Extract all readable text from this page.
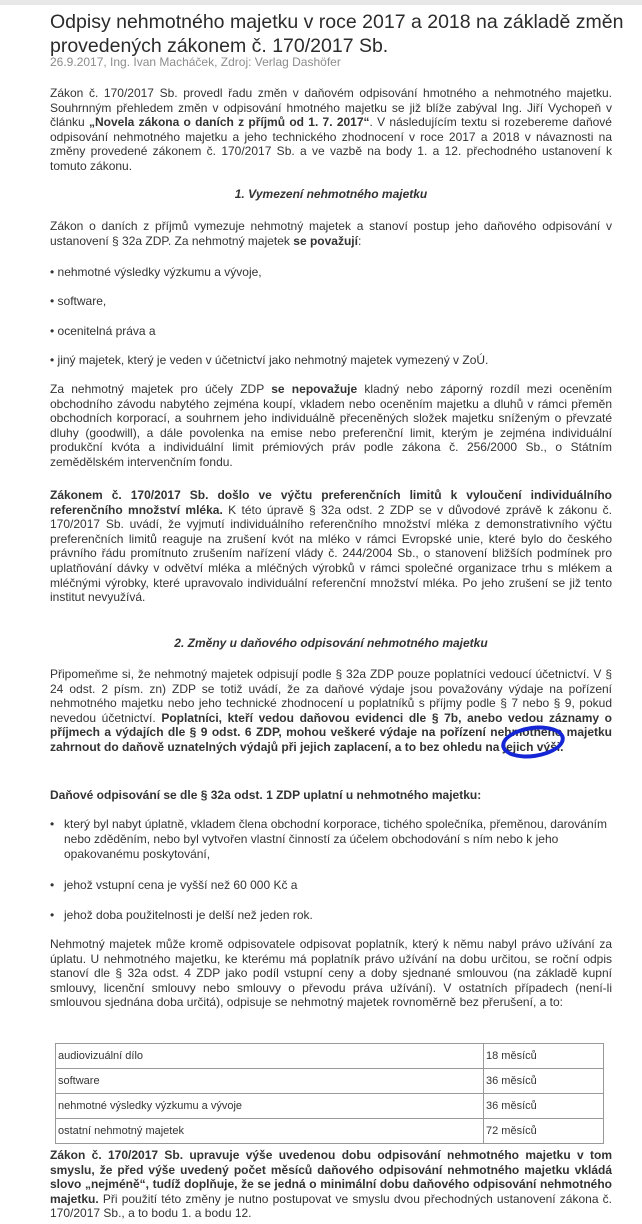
Odpisy nehmotného majetku v roce 2017 a 2018 na základě změn provedených zákonem č. 170/2017 Sb.

26.9.2017, Ing. Ivan Macháček, Zdroj: Verlag Dashöfer

Zákon č. 170/2017 Sb. provedl řadu změn v daňovém odpisování hmotného a nehmotného majetku. Souhrnným přehledem změn v odpisování hmotného majetku se již blíže zabýval Ing. Jiří Vychopeň v článku „Novela zákona o daních z příjmů od 1. 7. 2017“. V následujícím textu si rozebereme daňové odpisování nehmotného majetku a jeho technického zhodnocení v roce 2017 a 2018 v návaznosti na změny provedené zákonem č. 170/2017 Sb. a ve vazbě na body 1. a 12. přechodného ustanovení k tomuto zákonu.

1. Vymezení nehmotného majetku

Zákon o daních z příjmů vymezuje nehmotný majetek a stanoví postup jeho daňového odpisování v ustanovení § 32a ZDP. Za nehmotný majetek se považují:

• nehmotné výsledky výzkumu a vývoje,
• software,
• ocenitelná práva a
• jiný majetek, který je veden v účetnictví jako nehmotný majetek vymezený v ZoÚ.

Za nehmotný majetek pro účely ZDP se nepovažuje kladný nebo záporný rozdíl mezi oceněním obchodního závodu nabytého zejména koupí, vkladem nebo oceněním majetku a dluhů v rámci přeměn obchodních korporací, a souhrnem jeho individuálně přeceněných složek majetku sníženým o převzaté dluhy (goodwill), a dále povolenka na emise nebo preferenční limit, kterým je zejména individuální produkční kvóta a individuální limit prémiových práv podle zákona č. 256/2000 Sb., o Státním zemědělském intervenčním fondu.

Zákonem č. 170/2017 Sb. došlo ve výčtu preferenčních limitů k vyloučení individuálního referenčního množství mléka. K této úpravě § 32a odst. 2 ZDP se v důvodové zprávě k zákonu č. 170/2017 Sb. uvádí, že vyjmutí individuálního referenčního množství mléka z demonstrativního výčtu preferenčních limitů reaguje na zrušení kvót na mléko v rámci Evropské unie, které bylo do českého právního řádu promítnuto zrušením nařízení vlády č. 244/2004 Sb., o stanovení bližších podmínek pro uplatňování dávky v odvětví mléka a mléčných výrobků v rámci společné organizace trhu s mlékem a mléčnými výrobky, které upravovalo individuální referenční množství mléka. Po jeho zrušení se již tento institut nevyužívá.

2. Změny u daňového odpisování nehmotného majetku

Připomeňme si, že nehmotný majetek odpisují podle § 32a ZDP pouze poplatníci vedoucí účetnictví. V § 24 odst. 2 písm. zn) ZDP se totiž uvádí, že za daňové výdaje jsou považovány výdaje na pořízení nehmotného majetku nebo jeho technické zhodnocení u poplatníků s příjmy podle § 7 nebo § 9, pokud nevedou účetnictví. Poplatníci, kteří vedou daňovou evidenci dle § 7b, anebo vedou záznamy o příjmech a výdajích dle § 9 odst. 6 ZDP, mohou veškeré výdaje na pořízení nehmotného majetku zahrnout do daňově uznatelných výdajů při jejich zaplacení, a to bez ohledu na jejich výši.

Daňové odpisování se dle § 32a odst. 1 ZDP uplatní u nehmotného majetku:

• který byl nabyt úplatně, vkladem člena obchodní korporace, tichého společníka, přeměnou, darováním nebo zděděním, nebo byl vytvořen vlastní činností za účelem obchodování s ním nebo k jeho opakovanému poskytování,
• jehož vstupní cena je vyšší než 60 000 Kč a
• jehož doba použitelnosti je delší než jeden rok.

Nehmotný majetek může kromě odpisovatele odpisovat poplatník, který k němu nabyl právo užívání za úplatu. U nehmotného majetku, ke kterému má poplatník právo užívání na dobu určitou, se roční odpis stanoví dle § 32a odst. 4 ZDP jako podíl vstupní ceny a doby sjednané smlouvou (na základě kupní smlouvy, licenční smlouvy nebo smlouvy o převodu práva užívání). V ostatních případech (není-li smlouvou sjednána doba určitá), odpisuje se nehmotný majetek rovnoměrně bez přerušení, a to:

audiovizuální dílo	18 měsíců
software	36 měsíců
nehmotné výsledky výzkumu a vývoje	36 měsíců
ostatní nehmotný majetek	72 měsíců

Zákon č. 170/2017 Sb. upravuje výše uvedenou dobu odpisování nehmotného majetku v tom smyslu, že před výše uvedený počet měsíců daňového odpisování nehmotného majetku vkládá slovo „nejméně“, tudíž doplňuje, že se jedná o minimální dobu daňového odpisování nehmotného majetku. Při použití této změny je nutno postupovat ve smyslu dvou přechodných ustanovení zákona č. 170/2017 Sb., a to bodu 1. a bodu 12.
